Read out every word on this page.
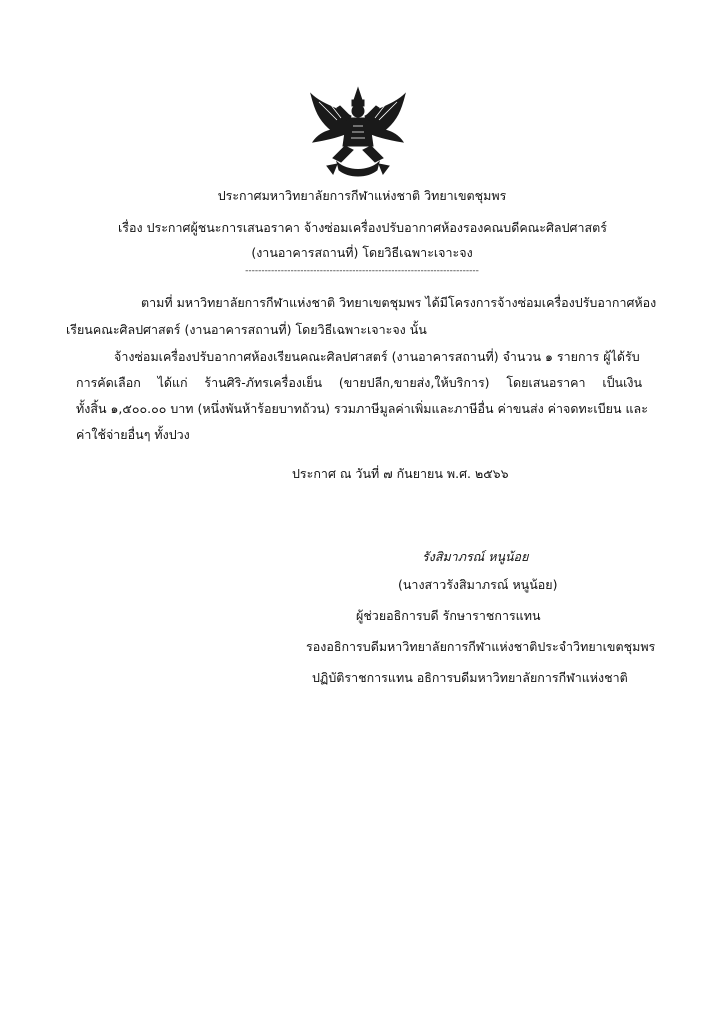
ประกาศมหาวิทยาลัยการกีฬาแห่งชาติ วิทยาเขตชุมพร
เรื่อง ประกาศผู้ชนะการเสนอราคา จ้างซ่อมเครื่องปรับอากาศห้องรองคณบดีคณะศิลปศาสตร์
(งานอาคารสถานที่) โดยวิธีเฉพาะเจาะจง
------------------------------------------------------------------------
ตามที่ มหาวิทยาลัยการกีฬาแห่งชาติ วิทยาเขตชุมพร ได้มีโครงการจ้างซ่อมเครื่องปรับอากาศห้อง
เรียนคณะศิลปศาสตร์ (งานอาคารสถานที่) โดยวิธีเฉพาะเจาะจง นั้น
จ้างซ่อมเครื่องปรับอากาศห้องเรียนคณะศิลปศาสตร์ (งานอาคารสถานที่) จำนวน ๑ รายการ ผู้ได้รับ
การคัดเลือก ได้แก่ ร้านศิริ-ภัทรเครื่องเย็น (ขายปลีก,ขายส่ง,ให้บริการ) โดยเสนอราคา เป็นเงิน
ทั้งสิ้น ๑,๕๐๐.๐๐ บาท (หนึ่งพันห้าร้อยบาทถ้วน) รวมภาษีมูลค่าเพิ่มและภาษีอื่น ค่าขนส่ง ค่าจดทะเบียน และ
ค่าใช้จ่ายอื่นๆ ทั้งปวง
ประกาศ ณ วันที่ ๗ กันยายน พ.ศ. ๒๕๖๖
รังสิมาภรณ์ หนูน้อย
(นางสาวรังสิมาภรณ์ หนูน้อย)
ผู้ช่วยอธิการบดี รักษาราชการแทน
รองอธิการบดีมหาวิทยาลัยการกีฬาแห่งชาติประจำวิทยาเขตชุมพร
ปฏิบัติราชการแทน อธิการบดีมหาวิทยาลัยการกีฬาแห่งชาติ
